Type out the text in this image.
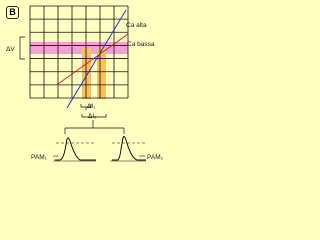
B
Ca alta
Ca bassa
ΔV
ΔI₁
ΔI₂
PAM₁	PAM₂
